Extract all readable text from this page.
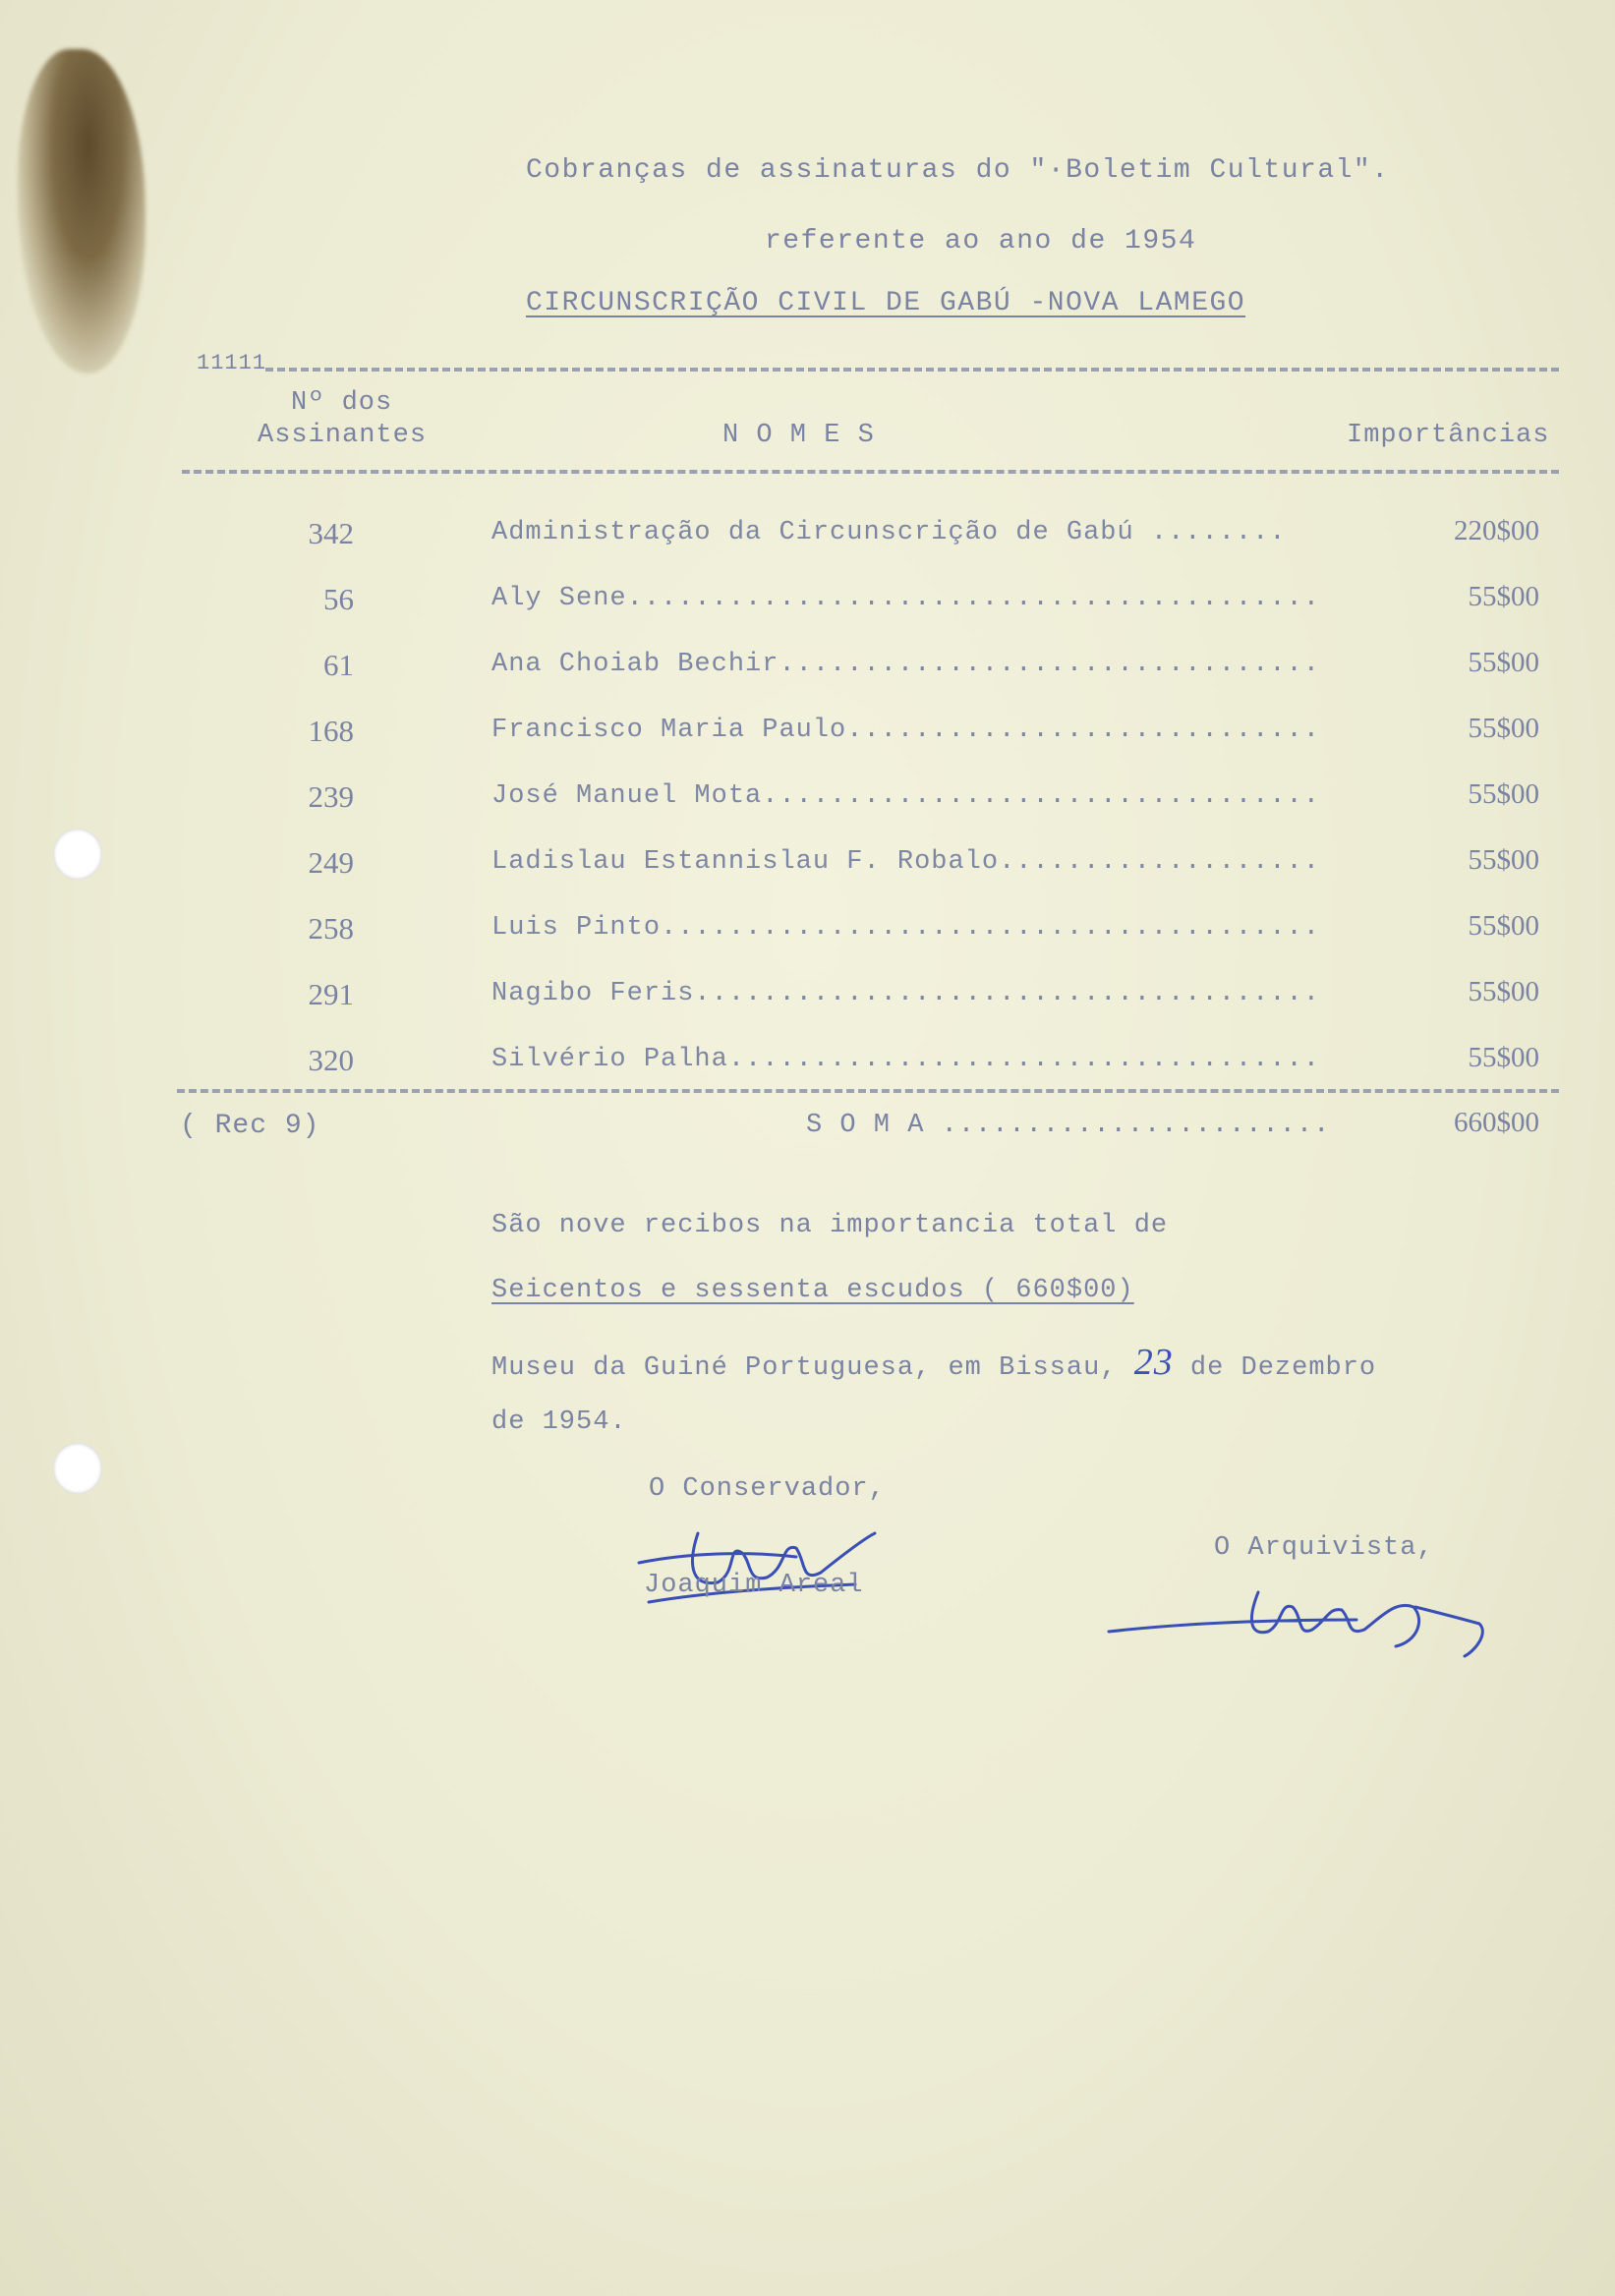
Cobranças de assinaturas do "·Boletim Cultural".
referente ao ano de 1954
CIRCUNSCRIÇÃO CIVIL DE GABÚ -NOVA LAMEGO
11111
Nº dos
Assinantes	N O M E S	Importâncias
342	Administração da Circunscrição de Gabú ........	220$00
56	Aly Sene.........................................	55$00
61	Ana Choiab Bechir................................	55$00
168	Francisco Maria Paulo............................	55$00
239	José Manuel Mota.................................	55$00
249	Ladislau Estannislau F. Robalo...................	55$00
258	Luis Pinto.......................................	55$00
291	Nagibo Feris.....................................	55$00
320	Silvério Palha...................................	55$00
( Rec 9)	S O M A .......................	660$00
São nove recibos na importancia total de
Seicentos e sessenta escudos ( 660$00)
Museu da Guiné Portuguesa, em Bissau, 23 de Dezembro
de 1954.
O Conservador,
Joaquim Areal
O Arquivista,
